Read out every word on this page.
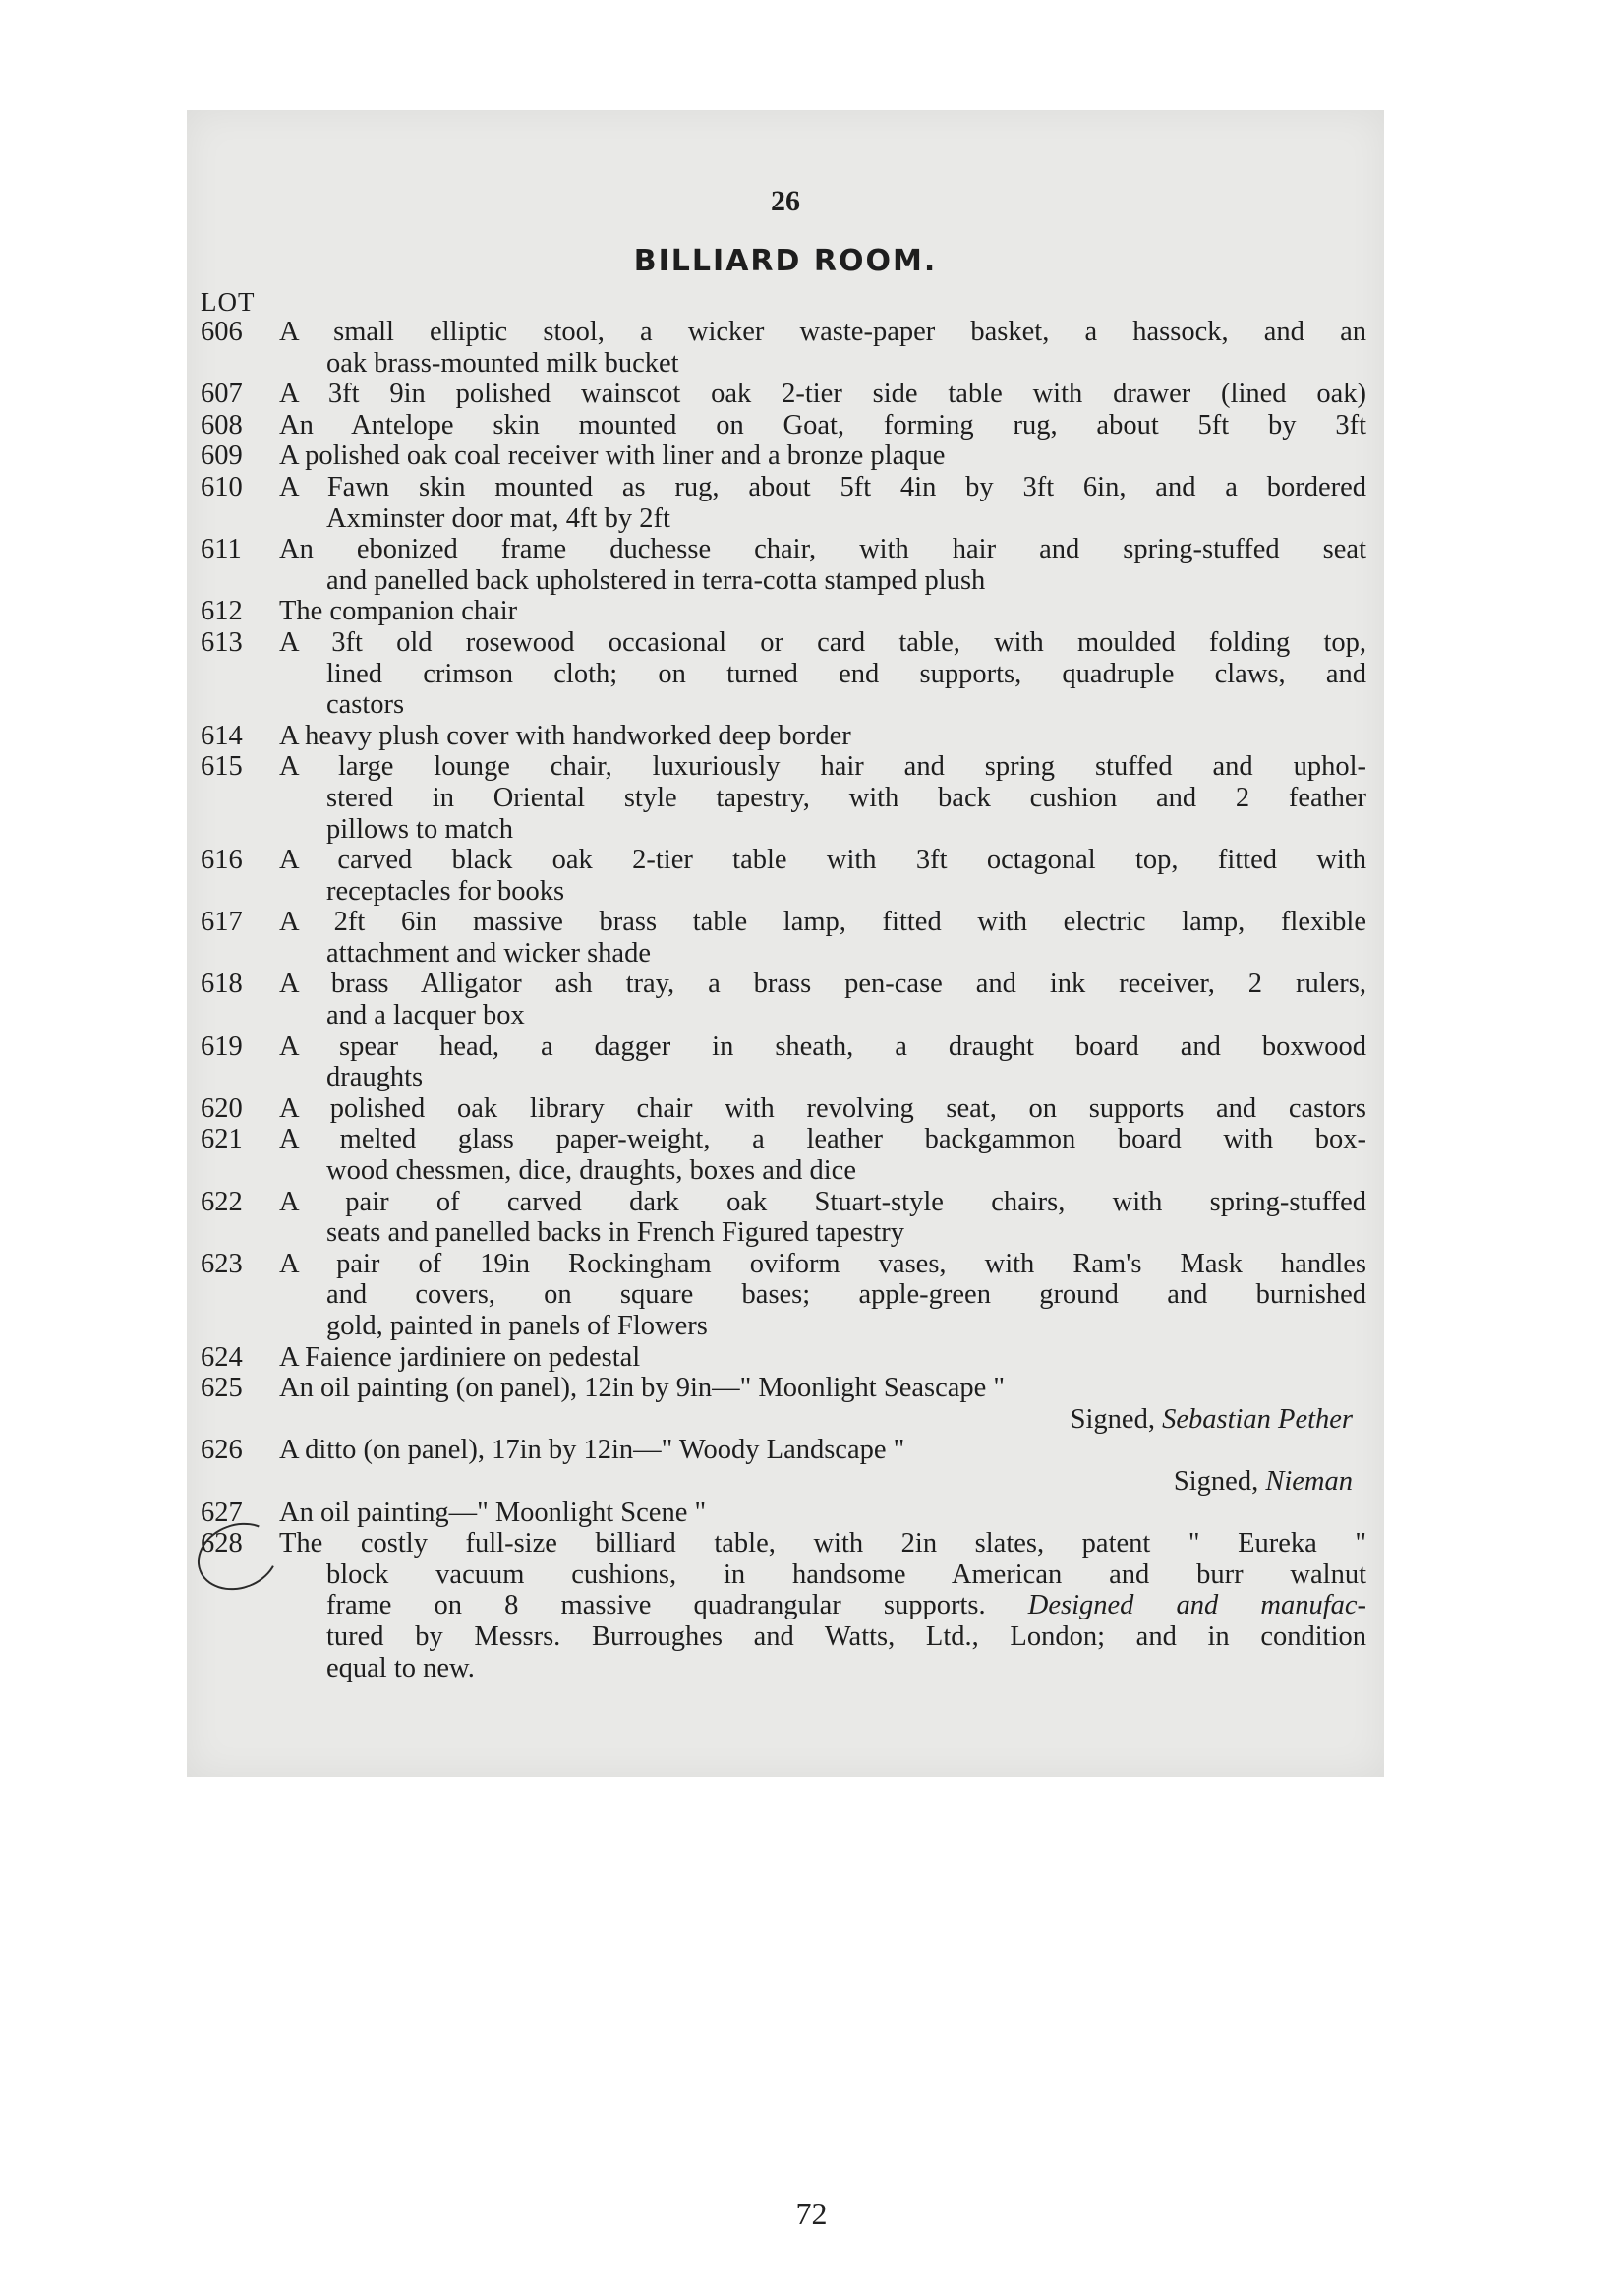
26
BILLIARD ROOM.
LOT
606	A small elliptic stool, a wicker waste-paper basket, a hassock, and an
oak brass-mounted milk bucket
607	A 3ft 9in polished wainscot oak 2-tier side table with drawer (lined oak)
608	An Antelope skin mounted on Goat, forming rug, about 5ft by 3ft
609	A polished oak coal receiver with liner and a bronze plaque
610	A Fawn skin mounted as rug, about 5ft 4in by 3ft 6in, and a bordered
Axminster door mat, 4ft by 2ft
611	An ebonized frame duchesse chair, with hair and spring-stuffed seat
and panelled back upholstered in terra-cotta stamped plush
612	The companion chair
613	A 3ft old rosewood occasional or card table, with moulded folding top,
lined crimson cloth; on turned end supports, quadruple claws, and
castors
614	A heavy plush cover with handworked deep border
615	A large lounge chair, luxuriously hair and spring stuffed and uphol-
stered in Oriental style tapestry, with back cushion and 2 feather
pillows to match
616	A carved black oak 2-tier table with 3ft octagonal top, fitted with
receptacles for books
617	A 2ft 6in massive brass table lamp, fitted with electric lamp, flexible
attachment and wicker shade
618	A brass Alligator ash tray, a brass pen-case and ink receiver, 2 rulers,
and a lacquer box
619	A spear head, a dagger in sheath, a draught board and boxwood
draughts
620	A polished oak library chair with revolving seat, on supports and castors
621	A melted glass paper-weight, a leather backgammon board with box-
wood chessmen, dice, draughts, boxes and dice
622	A pair of carved dark oak Stuart-style chairs, with spring-stuffed
seats and panelled backs in French Figured tapestry
623	A pair of 19in Rockingham oviform vases, with Ram's Mask handles
and covers, on square bases; apple-green ground and burnished
gold, painted in panels of Flowers
624	A Faience jardiniere on pedestal
625	An oil painting (on panel), 12in by 9in—" Moonlight Seascape "
Signed, Sebastian Pether
626	A ditto (on panel), 17in by 12in—" Woody Landscape "
Signed, Nieman
627	An oil painting—" Moonlight Scene "
628	The costly full-size billiard table, with 2in slates, patent " Eureka "
block vacuum cushions, in handsome American and burr walnut
frame on 8 massive quadrangular supports. Designed and manufac-
tured by Messrs. Burroughes and Watts, Ltd., London; and in condition
equal to new.
72
